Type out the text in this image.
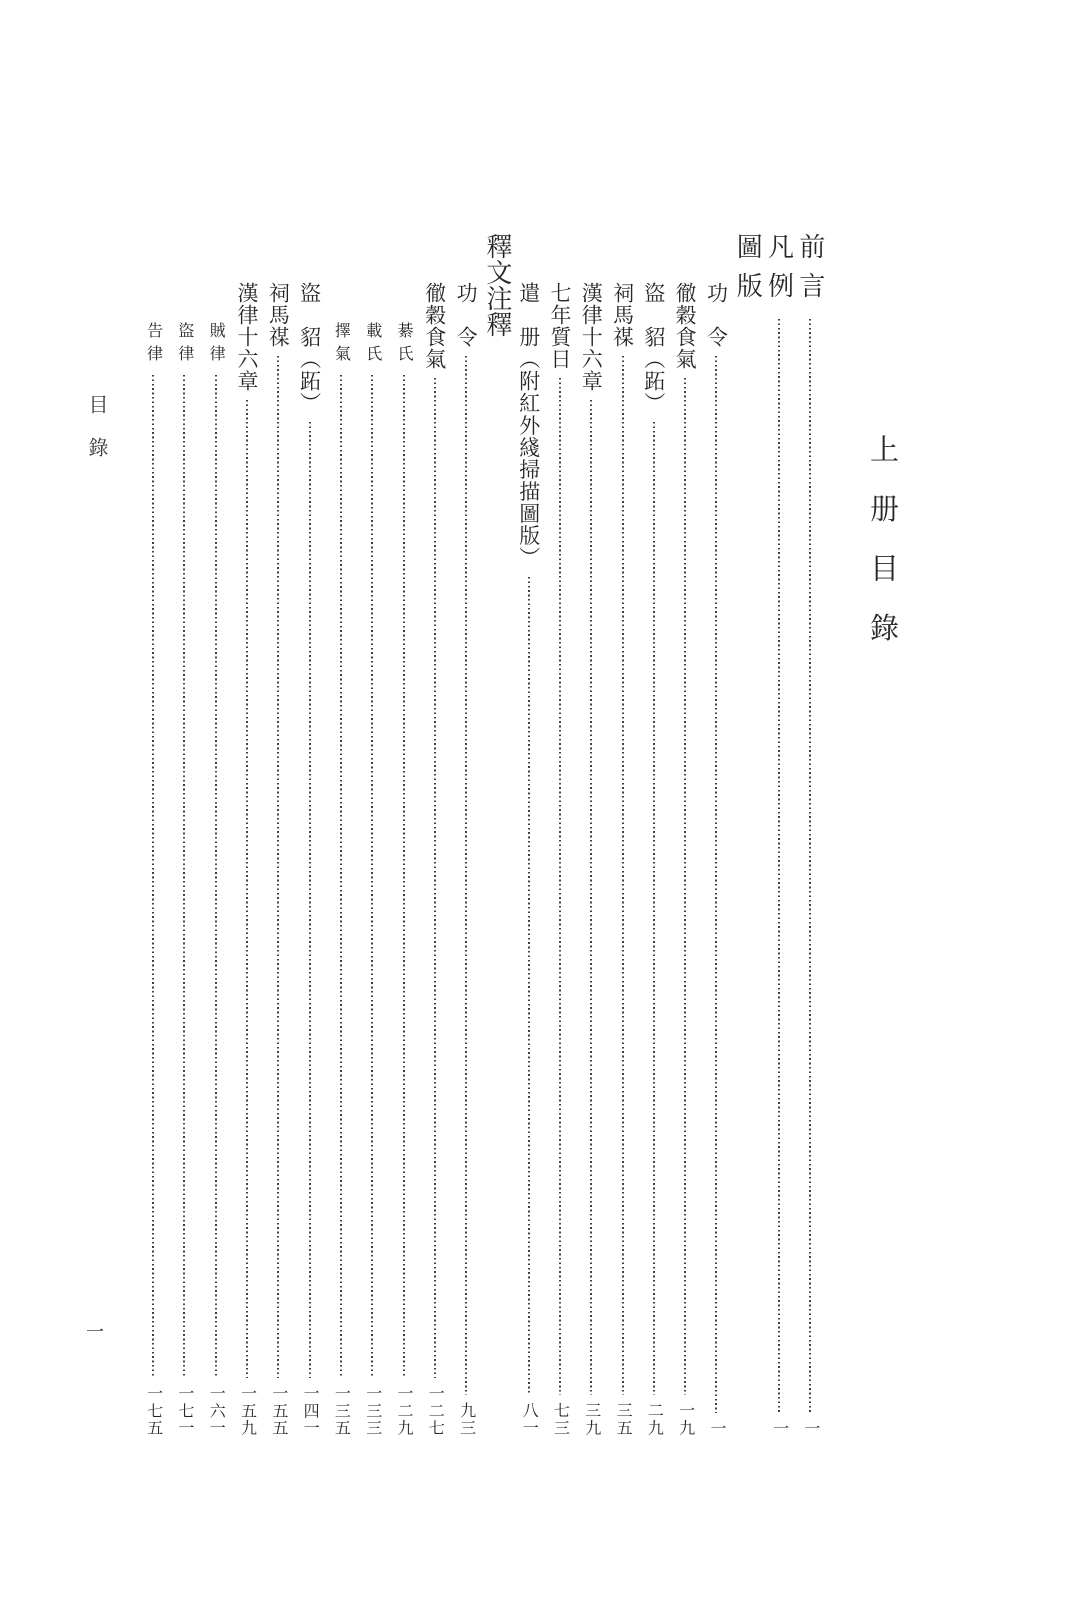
上册目錄
前言
一
凡例
一
圖版
功　令
一
徹穀食氣
一九
盜　貂（跖）
二九
祠馬禖
三五
漢律十六章
三九
七年質日
七三
遣　册（附紅外綫掃描圖版）
八一
釋文注釋
功　令
九三
徹穀食氣
一二七
綦氏
一二九
載氏
一三三
擇氣
一三五
盜　貂（跖）
一四一
祠馬禖
一五五
漢律十六章
一五九
賊律
一六一
盜律
一七一
告律
一七五
目錄
一
